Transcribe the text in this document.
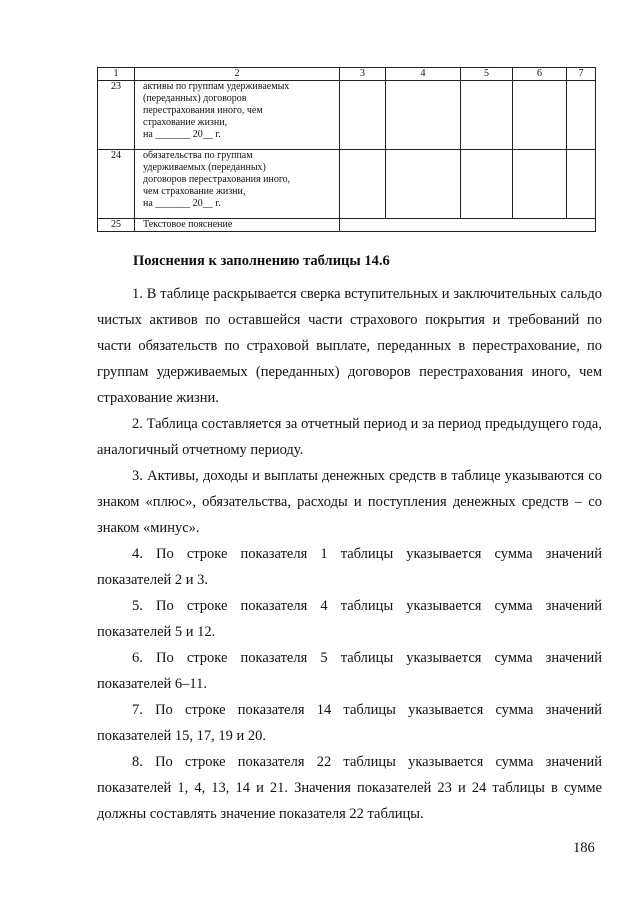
1	2	3	4	5	6	7
23	активы по группам удерживаемых
(переданных) договоров
перестрахования иного, чем
страхование жизни,
на _______ 20__ г.					

24	обязательства по группам
удерживаемых (переданных)
договоров перестрахования иного,
чем страхование жизни,
на _______ 20__ г.					

25	Текстовое пояснение					

Пояснения к заполнению таблицы 14.6

1. В таблице раскрывается сверка вступительных и заключительных сальдо чистых активов по оставшейся части страхового покрытия и требований по части обязательств по страховой выплате, переданных в перестрахование, по группам удерживаемых (переданных) договоров перестрахования иного, чем страхование жизни.

2. Таблица составляется за отчетный период и за период предыдущего года, аналогичный отчетному периоду.

3. Активы, доходы и выплаты денежных средств в таблице указываются со знаком «плюс», обязательства, расходы и поступления денежных средств – со знаком «минус».

4. По строке показателя 1 таблицы указывается сумма значений показателей 2 и 3.

5. По строке показателя 4 таблицы указывается сумма значений показателей 5 и 12.

6. По строке показателя 5 таблицы указывается сумма значений показателей 6–11.

7. По строке показателя 14 таблицы указывается сумма значений показателей 15, 17, 19 и 20.

8. По строке показателя 22 таблицы указывается сумма значений показателей 1, 4, 13, 14 и 21. Значения показателей 23 и 24 таблицы в сумме должны составлять значение показателя 22 таблицы.

186
